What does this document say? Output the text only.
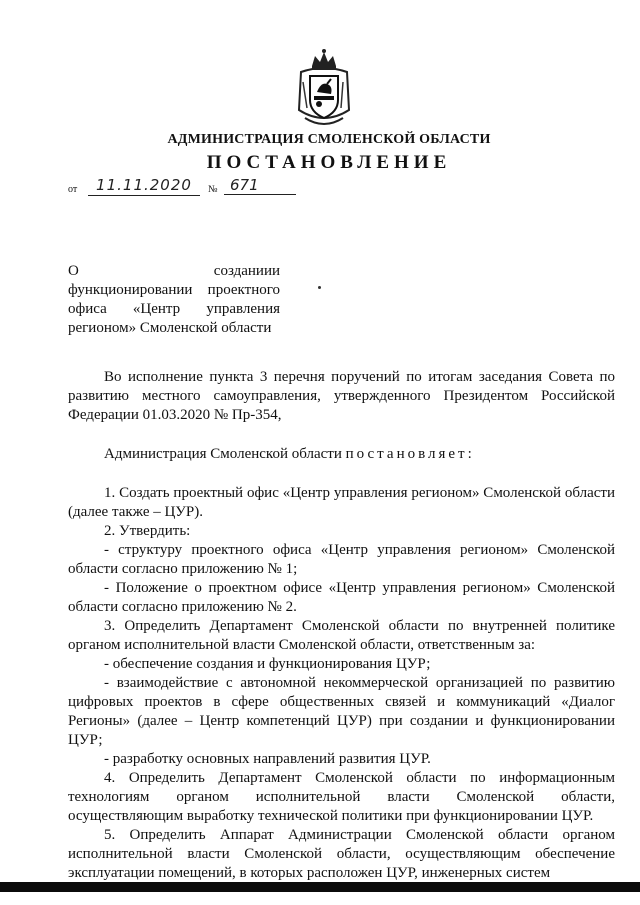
АДМИНИСТРАЦИЯ СМОЛЕНСКОЙ ОБЛАСТИ
ПОСТАНОВЛЕНИЕ
от	11.11.2020	№ 671
О созданиии
функционировании проектного
офиса «Центр управления
регионом» Смоленской области

Во исполнение пункта 3 перечня поручений по итогам заседания Совета по развитию местного самоуправления, утвержденного Президентом Российской Федерации 01.03.2020 № Пр-354,

Администрация Смоленской области постановляет:

1. Создать проектный офис «Центр управления регионом» Смоленской области (далее также – ЦУР).

2. Утвердить:

- структуру проектного офиса «Центр управления регионом» Смоленской области согласно приложению № 1;

- Положение о проектном офисе «Центр управления регионом» Смоленской области согласно приложению № 2.

3. Определить Департамент Смоленской области по внутренней политике органом исполнительной власти Смоленской области, ответственным за:

- обеспечение создания и функционирования ЦУР;

- взаимодействие с автономной некоммерческой организацией по развитию цифровых проектов в сфере общественных связей и коммуникаций «Диалог Регионы» (далее – Центр компетенций ЦУР) при создании и функционировании ЦУР;

- разработку основных направлений развития ЦУР.

4. Определить Департамент Смоленской области по информационным технологиям органом исполнительной власти Смоленской области, осуществляющим выработку технической политики при функционировании ЦУР.

5. Определить Аппарат Администрации Смоленской области органом исполнительной власти Смоленской области, осуществляющим обеспечение эксплуатации помещений, в которых расположен ЦУР, инженерных систем
